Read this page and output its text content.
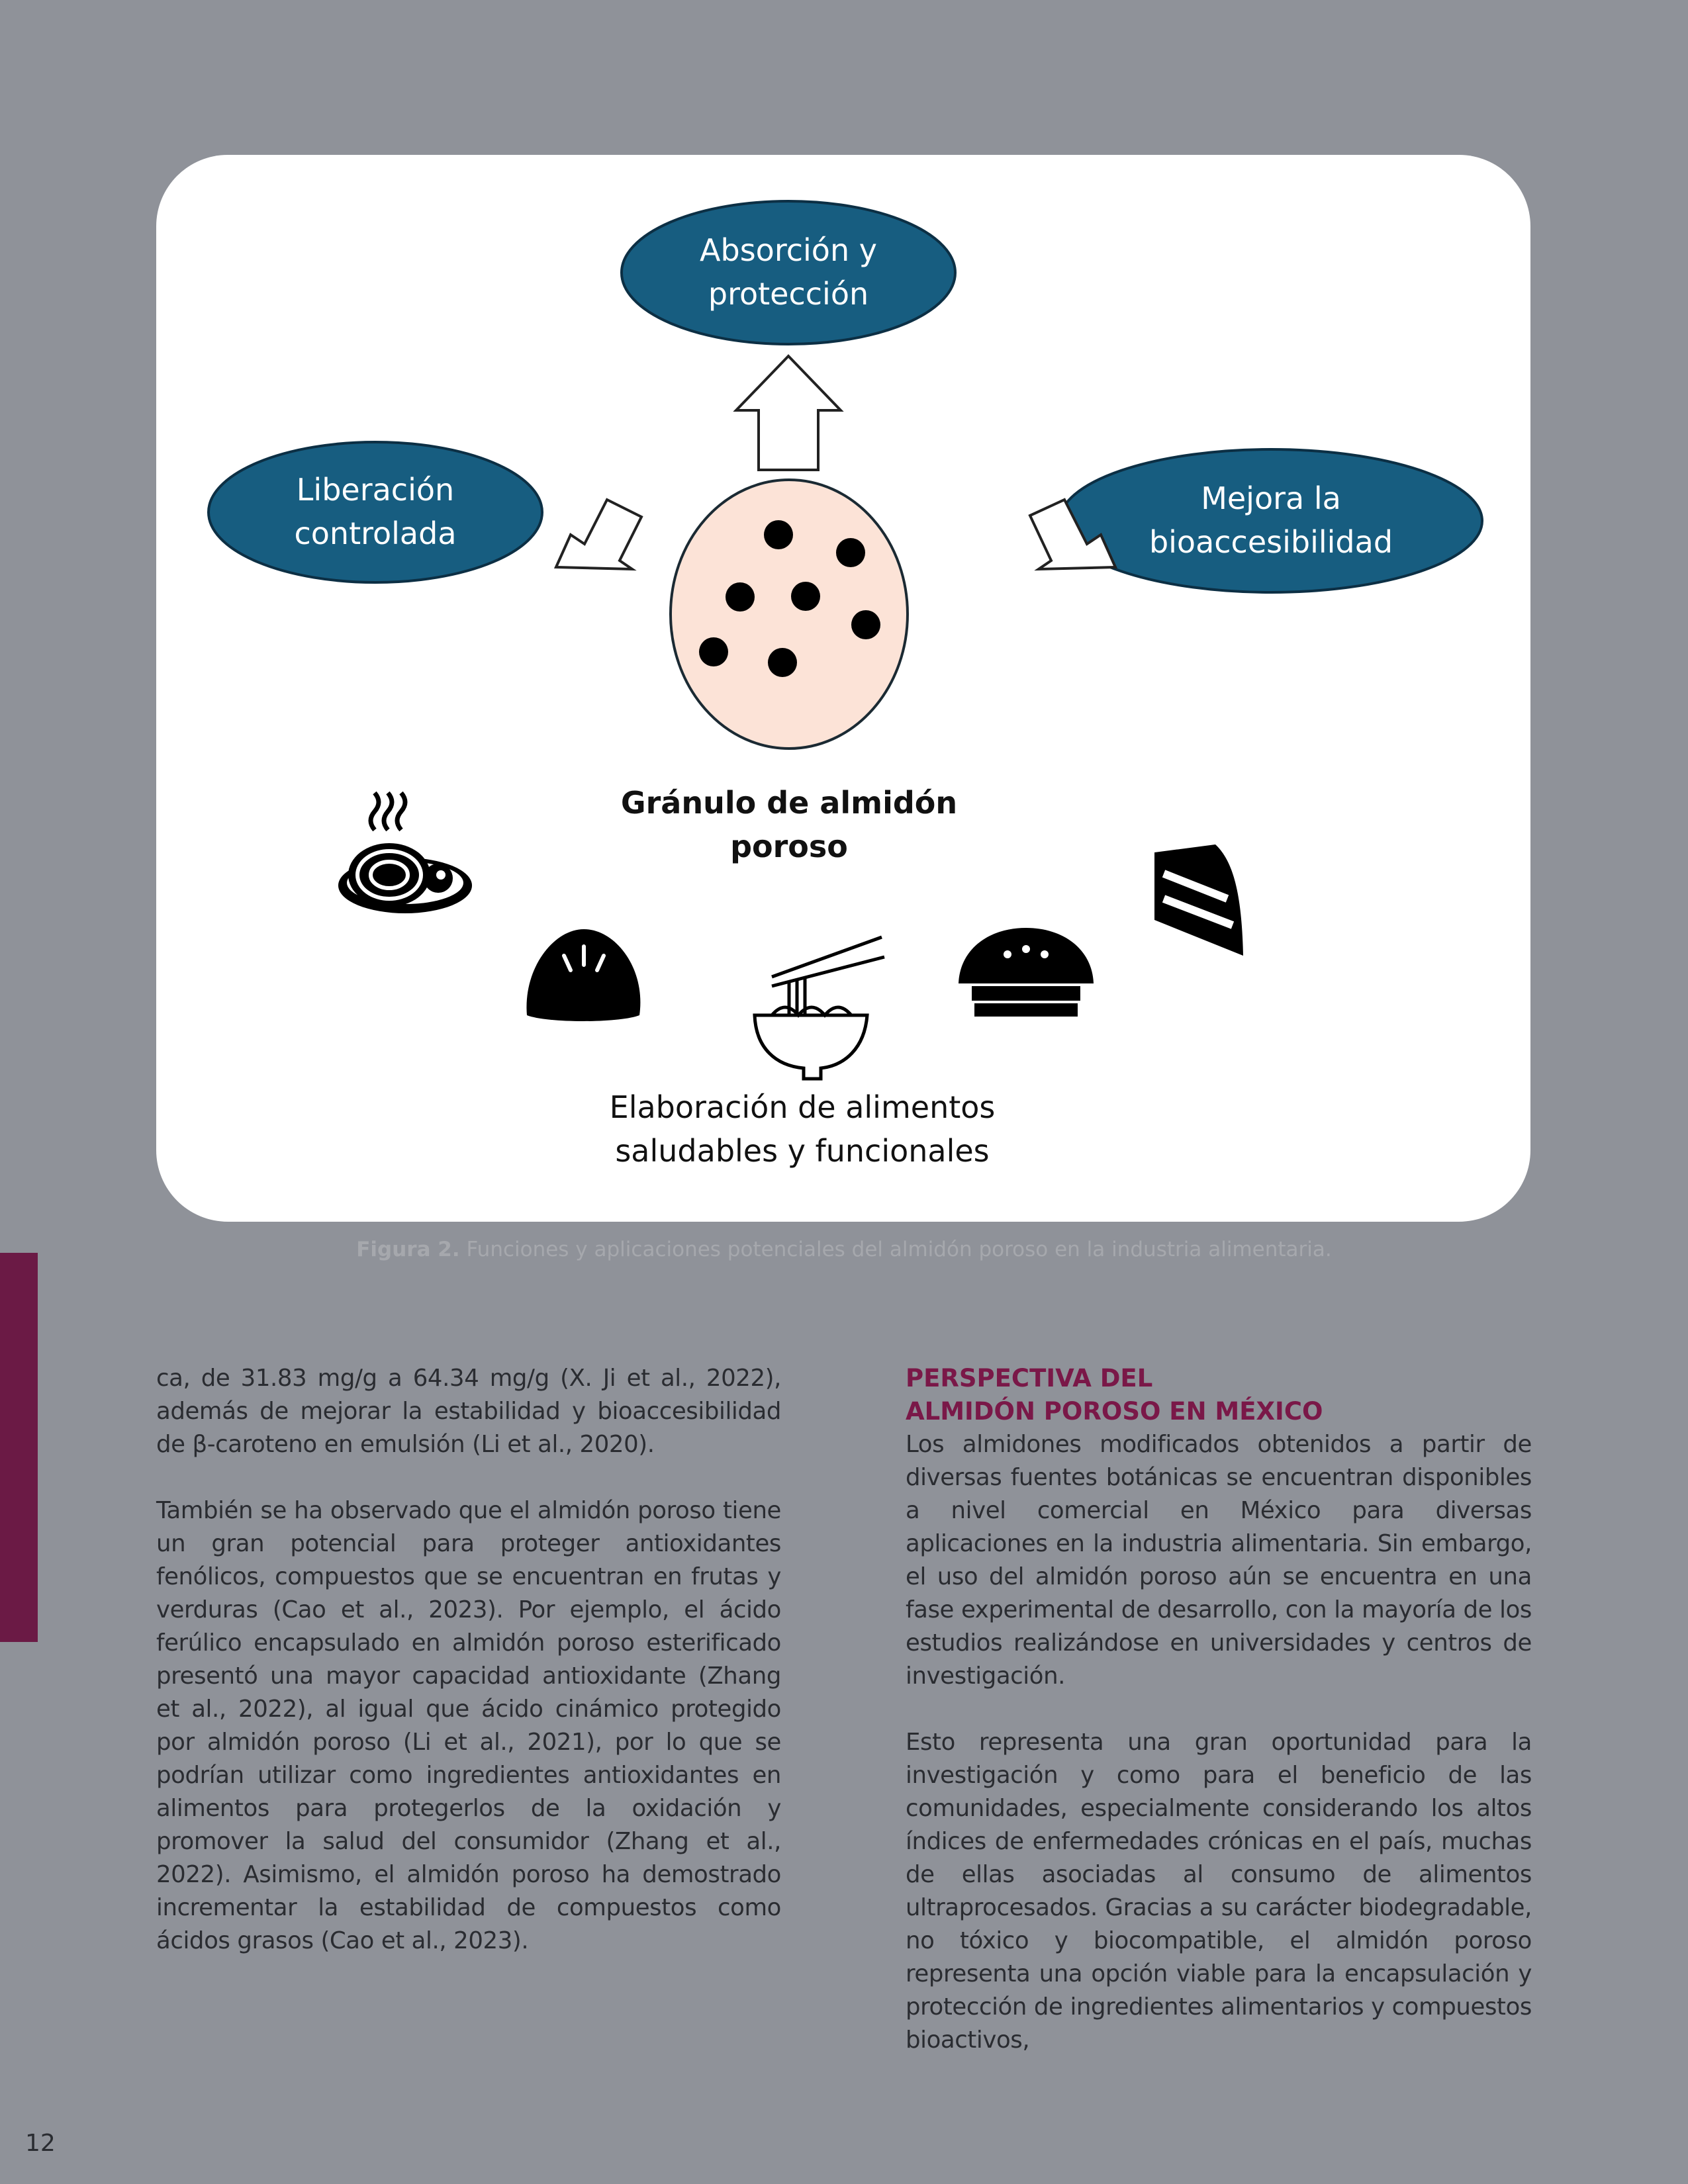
Absorción y
protección
Liberación
controlada
Mejora la
bioaccesibilidad
Gránulo de almidón
poroso
Elaboración de alimentos
saludables y funcionales
Figura 2. Funciones y aplicaciones potenciales del almidón poroso en la industria alimentaria.

ca, de 31.83 mg/g a 64.34 mg/g (X. Ji et al., 2022), además de mejorar la estabilidad y bioaccesibilidad de β-caroteno en emulsión (Li et al., 2020).

También se ha observado que el almidón poroso tiene un gran potencial para proteger antioxidantes fenólicos, compuestos que se encuentran en frutas y verduras (Cao et al., 2023). Por ejemplo, el ácido ferúlico encapsulado en almidón poroso esterificado presentó una mayor capacidad antioxidante (Zhang et al., 2022), al igual que ácido cinámico protegido por almidón poroso (Li et al., 2021), por lo que se podrían utilizar como ingredientes antioxidantes en alimentos para protegerlos de la oxidación y promover la salud del consumidor (Zhang et al., 2022). Asimismo, el almidón poroso ha demostrado incrementar la estabilidad de compuestos como ácidos grasos (Cao et al., 2023).

PERSPECTIVA DEL
ALMIDÓN POROSO EN MÉXICO

Los almidones modificados obtenidos a partir de diversas fuentes botánicas se encuentran disponibles a nivel comercial en México para diversas aplicaciones en la industria alimentaria. Sin embargo, el uso del almidón poroso aún se encuentra en una fase experimental de desarrollo, con la mayoría de los estudios realizándose en universidades y centros de investigación.

Esto representa una gran oportunidad para la investigación y como para el beneficio de las comunidades, especialmente considerando los altos índices de enfermedades crónicas en el país, muchas de ellas asociadas al consumo de alimentos ultraprocesados. Gracias a su carácter biodegradable, no tóxico y biocompatible, el almidón poroso representa una opción viable para la encapsulación y protección de ingredientes alimentarios y compuestos bioactivos,

12
